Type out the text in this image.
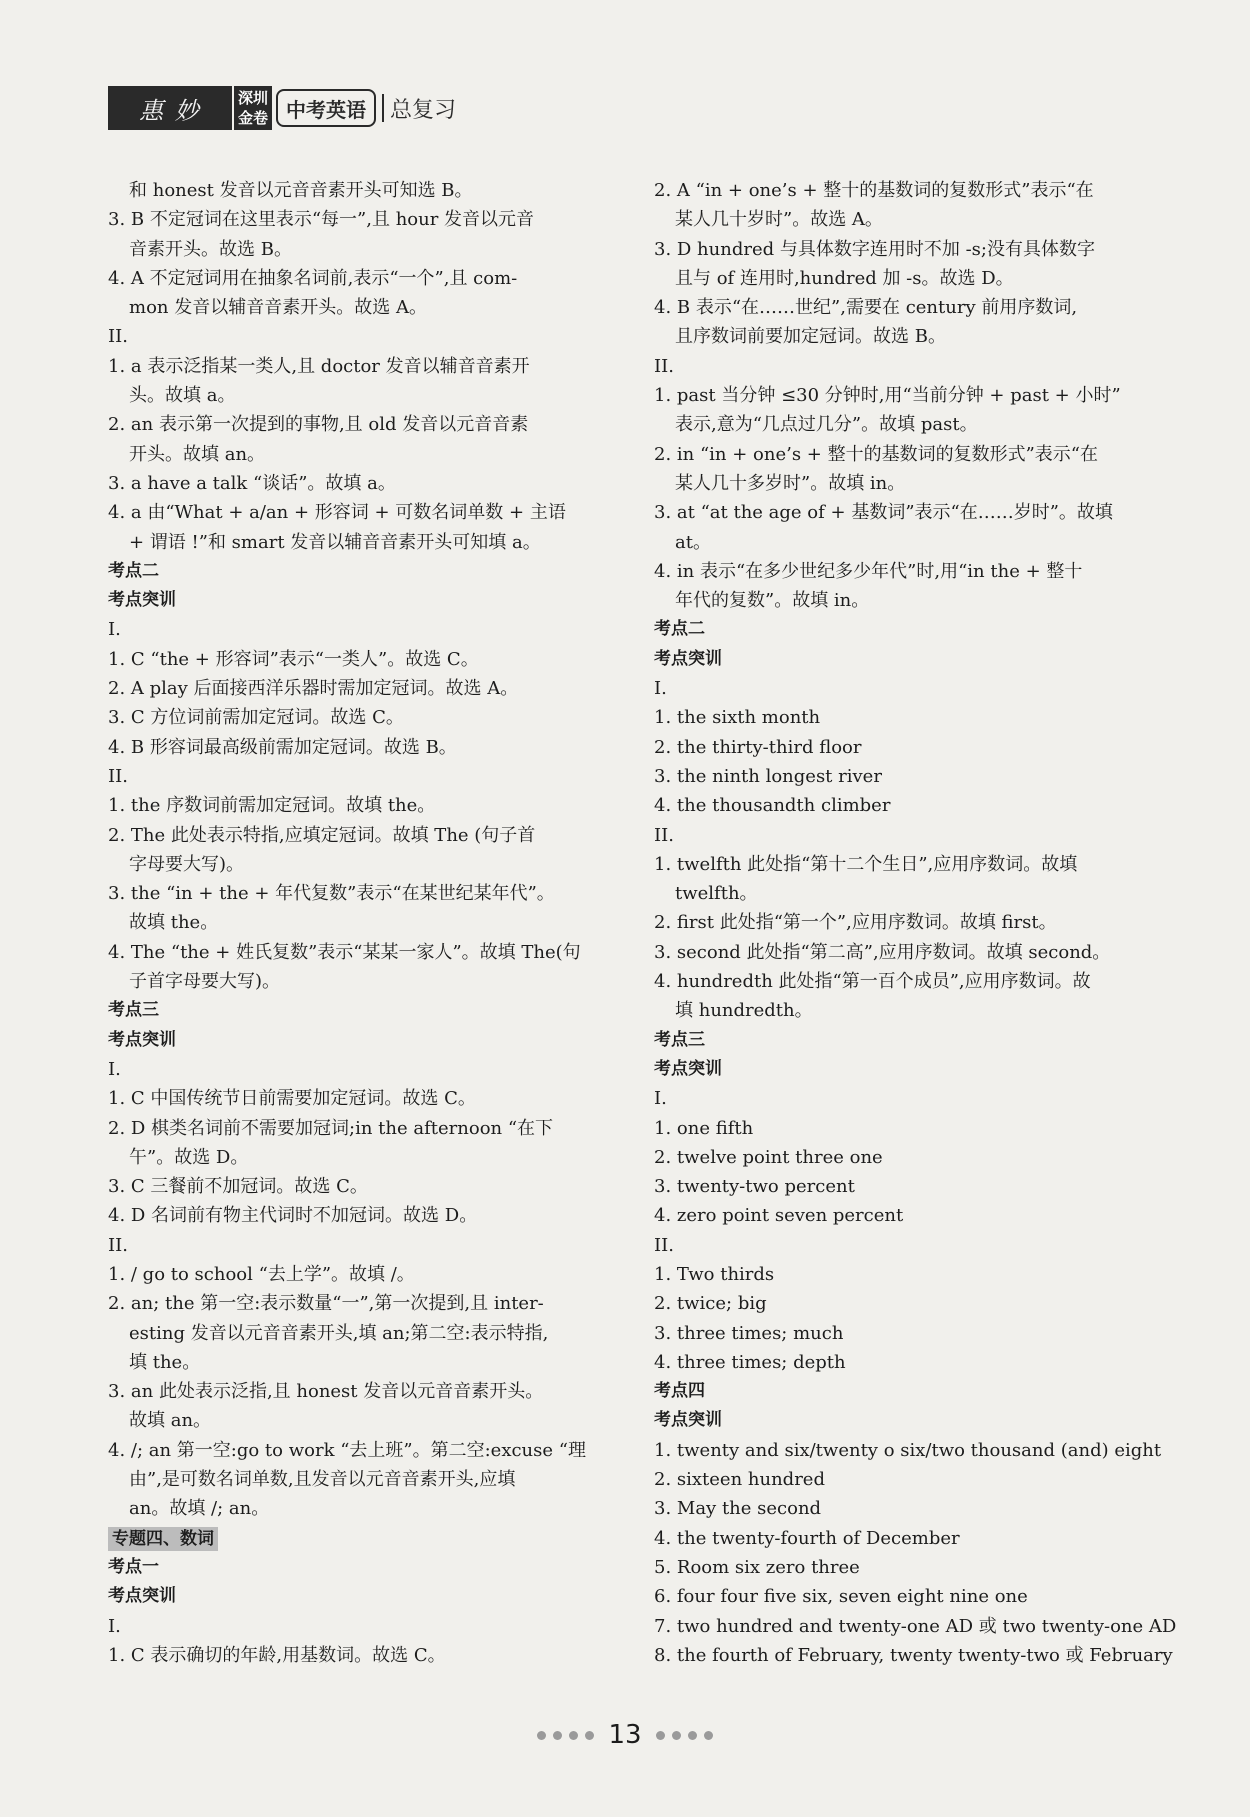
惠 妙	深圳
金卷 中考英语	总复习
和 honest 发音以元音音素开头可知选 B。
3. B 不定冠词在这里表示“每一”,且 hour 发音以元音
音素开头。故选 B。
4. A 不定冠词用在抽象名词前,表示“一个”,且 com-
mon 发音以辅音音素开头。故选 A。
II.
1. a 表示泛指某一类人,且 doctor 发音以辅音音素开
头。故填 a。
2. an 表示第一次提到的事物,且 old 发音以元音音素
开头。故填 an。
3. a have a talk “谈话”。故填 a。
4. a 由“What + a/an + 形容词 + 可数名词单数 + 主语
+ 谓语 !”和 smart 发音以辅音音素开头可知填 a。
考点二
考点突训
I.
1. C “the + 形容词”表示“一类人”。故选 C。
2. A play 后面接西洋乐器时需加定冠词。故选 A。
3. C 方位词前需加定冠词。故选 C。
4. B 形容词最高级前需加定冠词。故选 B。
II.
1. the 序数词前需加定冠词。故填 the。
2. The 此处表示特指,应填定冠词。故填 The (句子首
字母要大写)。
3. the “in + the + 年代复数”表示“在某世纪某年代”。
故填 the。
4. The “the + 姓氏复数”表示“某某一家人”。故填 The(句
子首字母要大写)。
考点三
考点突训
I.
1. C 中国传统节日前需要加定冠词。故选 C。
2. D 棋类名词前不需要加冠词;in the afternoon “在下
午”。故选 D。
3. C 三餐前不加冠词。故选 C。
4. D 名词前有物主代词时不加冠词。故选 D。
II.
1. / go to school “去上学”。故填 /。
2. an; the 第一空:表示数量“一”,第一次提到,且 inter-
esting 发音以元音音素开头,填 an;第二空:表示特指,
填 the。
3. an 此处表示泛指,且 honest 发音以元音音素开头。
故填 an。
4. /; an 第一空:go to work “去上班”。第二空:excuse “理
由”,是可数名词单数,且发音以元音音素开头,应填
an。故填 /; an。
专题四、数词
考点一
考点突训
I.
1. C 表示确切的年龄,用基数词。故选 C。
2. A “in + one’s + 整十的基数词的复数形式”表示“在
某人几十岁时”。故选 A。
3. D hundred 与具体数字连用时不加 -s;没有具体数字
且与 of 连用时,hundred 加 -s。故选 D。
4. B 表示“在……世纪”,需要在 century 前用序数词,
且序数词前要加定冠词。故选 B。
II.
1. past 当分钟 ≤30 分钟时,用“当前分钟 + past + 小时”
表示,意为“几点过几分”。故填 past。
2. in “in + one’s + 整十的基数词的复数形式”表示“在
某人几十多岁时”。故填 in。
3. at “at the age of + 基数词”表示“在……岁时”。故填
at。
4. in 表示“在多少世纪多少年代”时,用“in the + 整十
年代的复数”。故填 in。
考点二
考点突训
I.
1. the sixth month
2. the thirty-third floor
3. the ninth longest river
4. the thousandth climber
II.
1. twelfth 此处指“第十二个生日”,应用序数词。故填
twelfth。
2. first 此处指“第一个”,应用序数词。故填 first。
3. second 此处指“第二高”,应用序数词。故填 second。
4. hundredth 此处指“第一百个成员”,应用序数词。故
填 hundredth。
考点三
考点突训
I.
1. one fifth
2. twelve point three one
3. twenty-two percent
4. zero point seven percent
II.
1. Two thirds
2. twice; big
3. three times; much
4. three times; depth
考点四
考点突训
1. twenty and six/twenty o six/two thousand (and) eight
2. sixteen hundred
3. May the second
4. the twenty-fourth of December
5. Room six zero three
6. four four five six, seven eight nine one
7. two hundred and twenty-one AD 或 two twenty-one AD
8. the fourth of February, twenty twenty-two 或 February
13
